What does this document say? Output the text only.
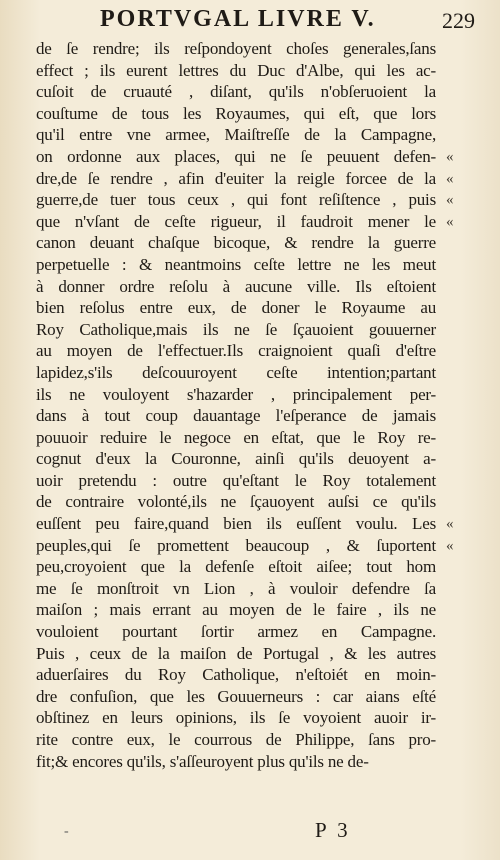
PORTVGAL LIVRE V.	229
de ſe rendre; ils reſpondoyent choſes generales,ſans
effect ; ils eurent lettres du Duc d'Albe, qui les ac-
cuſoit de cruauté , diſant, qu'ils n'obſeruoient la
couſtume de tous les Royaumes, qui eſt, que lors
qu'il entre vne armee, Maiſtreſſe de la Campagne,
on ordonne aux places, qui ne ſe peuuent defen-
dre,de ſe rendre , afin d'euiter la reigle forcee de la
guerre,de tuer tous ceux , qui font reſiſtence , puis
que n'vſant de ceſte rigueur, il faudroit mener le
canon deuant chaſque bicoque, & rendre la guerre
perpetuelle : & neantmoins ceſte lettre ne les meut
à donner ordre reſolu à aucune ville. Ils eſtoient
bien reſolus entre eux, de doner le Royaume au
Roy Catholique,mais ils ne ſe ſçauoient gouuerner
au moyen de l'effectuer.Ils craignoient quaſi d'eſtre
lapidez,s'ils deſcouuroyent ceſte intention;partant
ils ne vouloyent s'hazarder , principalement per-
dans à tout coup dauantage l'eſperance de jamais
pouuoir reduire le negoce en eſtat, que le Roy re-
cognut d'eux la Couronne, ainſi qu'ils deuoyent a-
uoir pretendu : outre qu'eſtant le Roy totalement
de contraire volonté,ils ne ſçauoyent auſsi ce qu'ils
euſſent peu faire,quand bien ils euſſent voulu. Les
peuples,qui ſe promettent beaucoup , & ſuportent
peu,croyoient que la defenſe eſtoit aiſee; tout hom
me ſe monſtroit vn Lion , à vouloir defendre ſa
maiſon ; mais errant au moyen de le faire , ils ne
vouloient pourtant ſortir armez en Campagne.
Puis , ceux de la maiſon de Portugal , & les autres
aduerſaires du Roy Catholique, n'eſtoiét en moin-
dre confuſion, que les Gouuerneurs : car aians eſté
obſtinez en leurs opinions, ils ſe voyoient auoir ir-
rite contre eux, le courrous de Philippe, ſans pro-
fit;& encores qu'ils, s'aſſeuroyent plus qu'ils ne de-
«
«
«
«
«
«
-	P 3
